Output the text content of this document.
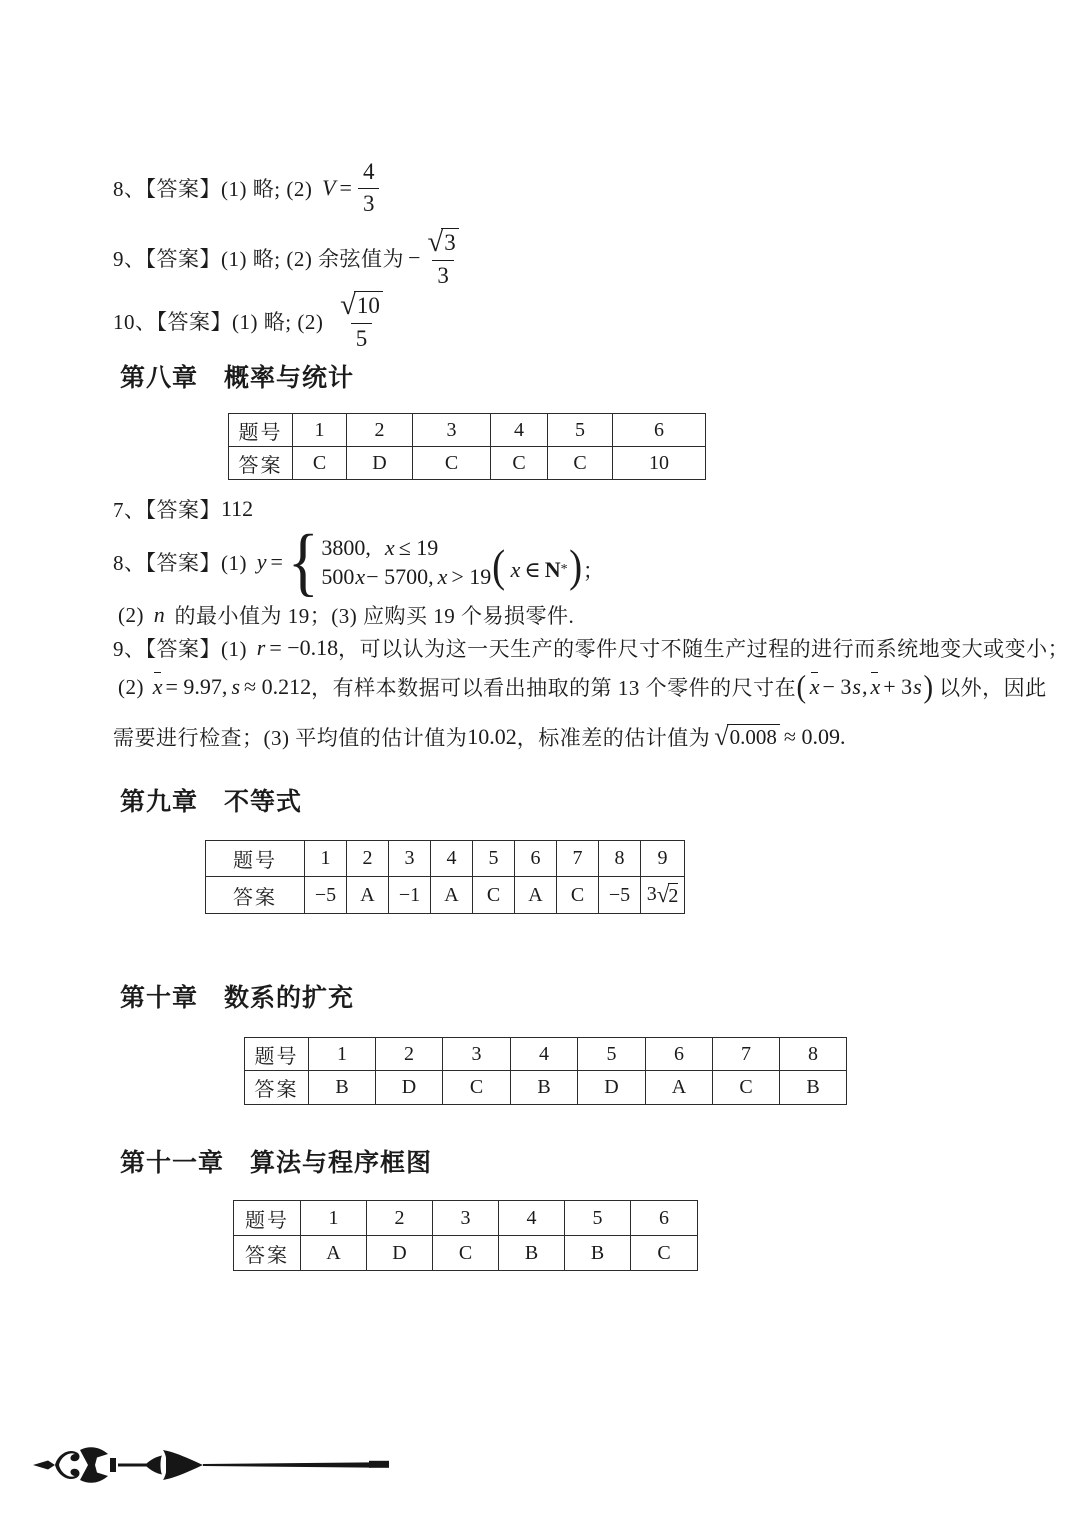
8、【答案】(1) 略; (2) $V = \frac{4}{3}$
9、【答案】(1) 略; (2) 余弦值为 − $\frac{√ 3}{3}$
10、【答案】(1) 略; $(2) \frac{√ 10}{5}$
第八章　概率与统计
题号	1	2	3	4	5	6
答案	C	D	C	C	C	10
7、【答案】 112
8、【答案】(1) y = { 3800, x ≤ 19
500 x − 5700, x > 19 ( x ∈ N * ) ；
(2) n 的最小值为 19；(3) 应购买 19 个易损零件.
9、【答案】(1) r = −0.18 ，可以认为这一天生产的零件尺寸不随生产过程的进行而系统地变大或变小；
(2) x = 9.97, s ≈ 0.212 ，有样本数据可以看出抽取的第 13 个零件的尺寸在 ( x − 3 s , x + 3 s ) 以外，因此
需要进行检查；(3) 平均值的估计值为 10.02 ，标准差的估计值为 √ 0.008 ≈ 0.09 .
第九章　不等式
题号	1	2	3	4	5	6	7	8	9
答案	−5	A	−1	A	C	A	C	−5	3 √ 2
第十章　数系的扩充
题号	1	2	3	4	5	6	7	8
答案	B	D	C	B	D	A	C	B
第十一章　算法与程序框图
题号	1	2	3	4	5	6
答案	A	D	C	B	B	C
